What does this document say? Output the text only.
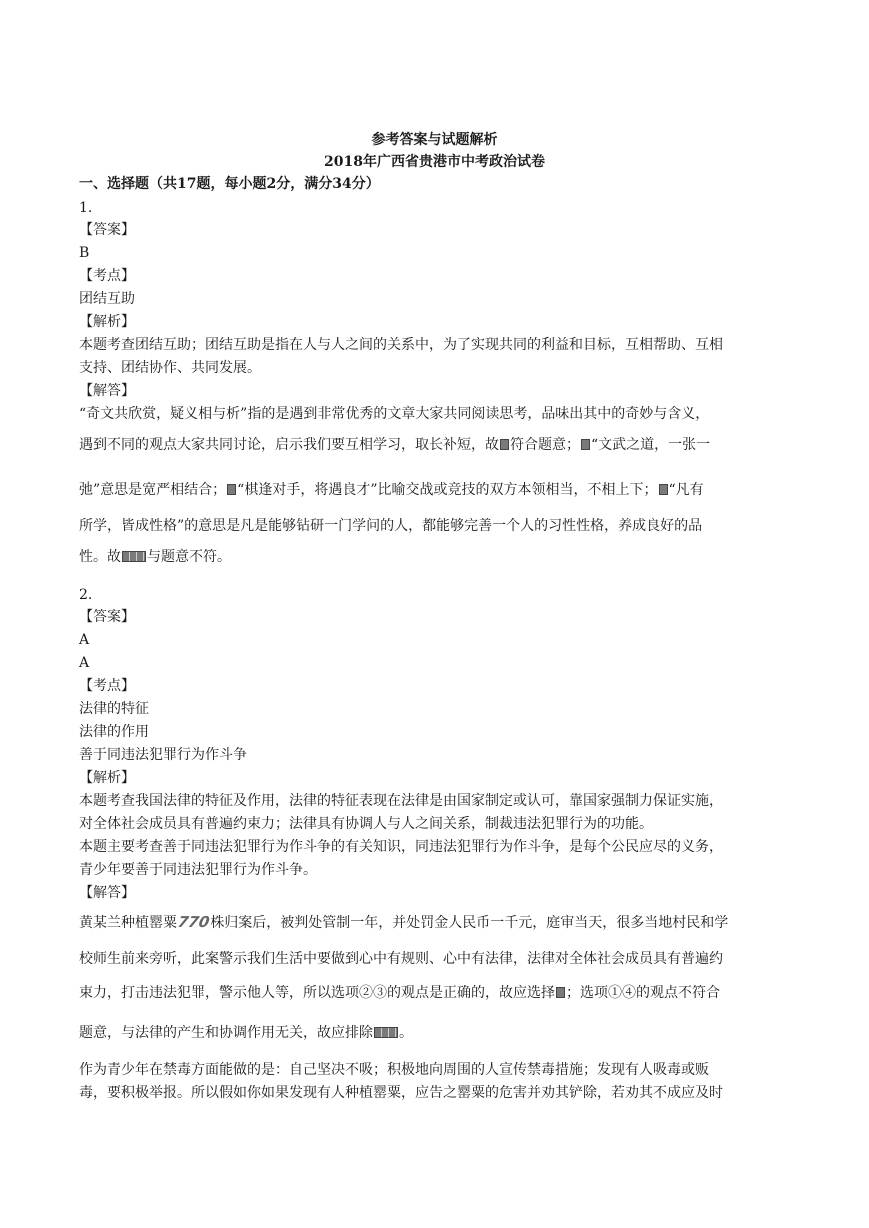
参考答案与试题解析
2018年广西省贵港市中考政治试卷
一、选择题（共17题，每小题2分，满分34分）
1.
【答案】
B
【考点】
团结互助
【解析】
本题考查团结互助；团结互助是指在人与人之间的关系中，为了实现共同的利益和目标，互相帮助、互相
支持、团结协作、共同发展。
【解答】
“奇文共欣赏，疑义相与析”指的是遇到非常优秀的文章大家共同阅读思考，品味出其中的奇妙与含义，
遇到不同的观点大家共同讨论，启示我们要互相学习，取长补短，故 符合题意； “文武之道，一张一
弛”意思是宽严相结合； “棋逢对手，将遇良才”比喻交战或竞技的双方本领相当，不相上下； “凡有
所学，皆成性格”的意思是凡是能够钻研一门学问的人，都能够完善一个人的习性性格，养成良好的品
性。故 与题意不符。
2.
【答案】
A
A
【考点】
法律的特征
法律的作用
善于同违法犯罪行为作斗争
【解析】
本题考查我国法律的特征及作用，法律的特征表现在法律是由国家制定或认可，靠国家强制力保证实施，
对全体社会成员具有普遍约束力；法律具有协调人与人之间关系，制裁违法犯罪行为的功能。
本题主要考查善于同违法犯罪行为作斗争的有关知识，同违法犯罪行为作斗争，是每个公民应尽的义务，
青少年要善于同违法犯罪行为作斗争。
【解答】
黄某兰种植罂粟770株归案后，被判处管制一年，并处罚金人民币一千元，庭审当天，很多当地村民和学
校师生前来旁听，此案警示我们生活中要做到心中有规则、心中有法律，法律对全体社会成员具有普遍约
束力，打击违法犯罪，警示他人等，所以选项②③的观点是正确的，故应选择 ；选项①④的观点不符合
题意，与法律的产生和协调作用无关，故应排除 。
作为青少年在禁毒方面能做的是：自己坚决不吸；积极地向周围的人宣传禁毒措施；发现有人吸毒或贩
毒，要积极举报。所以假如你如果发现有人种植罂粟，应告之罂粟的危害并劝其铲除，若劝其不成应及时
